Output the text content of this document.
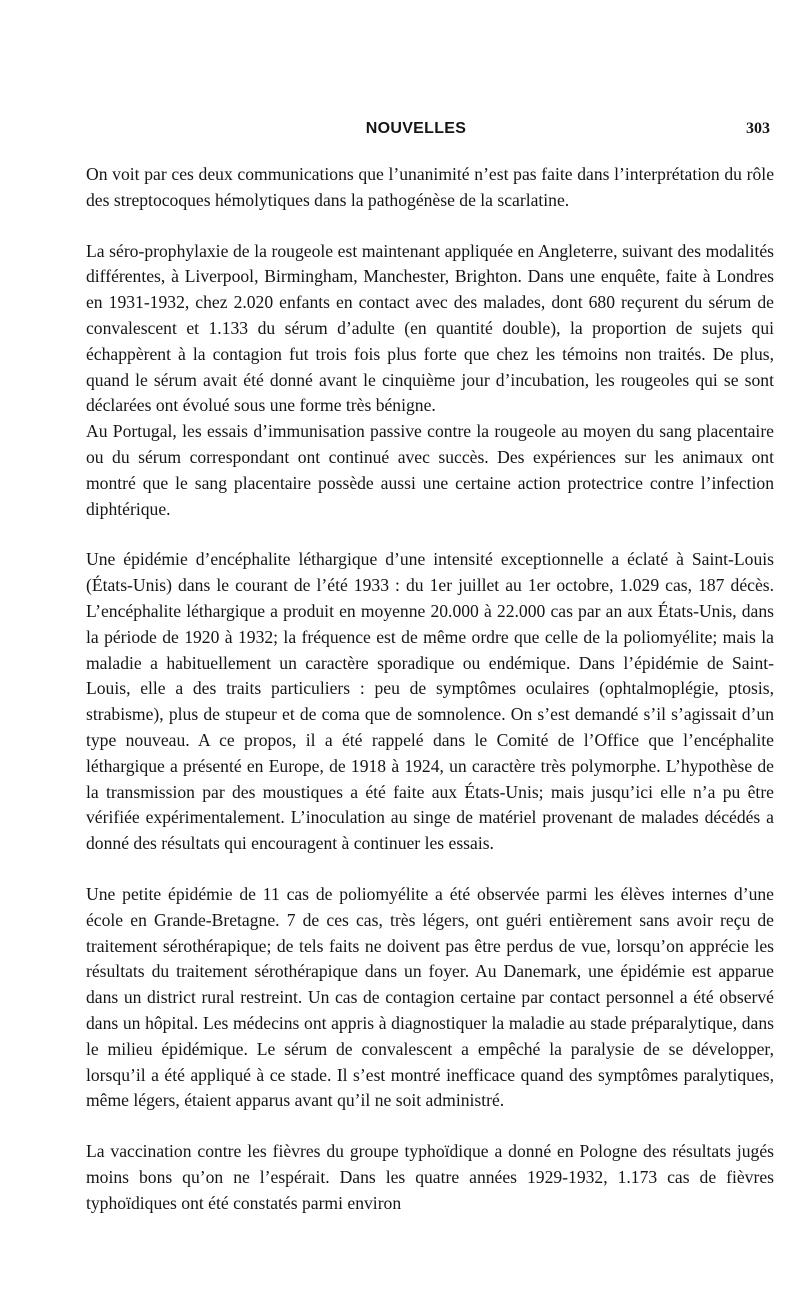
NOUVELLES	303

On voit par ces deux communications que l’unanimité n’est pas faite dans l’interprétation du rôle des streptocoques hémolytiques dans la pathogénèse de la scarlatine.

La séro-prophylaxie de la rougeole est maintenant appliquée en Angleterre, suivant des modalités différentes, à Liverpool, Birmingham, Manchester, Brighton. Dans une enquête, faite à Londres en 1931-1932, chez 2.020 enfants en contact avec des malades, dont 680 reçurent du sérum de convalescent et 1.133 du sérum d’adulte (en quantité double), la proportion de sujets qui échappèrent à la contagion fut trois fois plus forte que chez les témoins non traités. De plus, quand le sérum avait été donné avant le cinquième jour d’incubation, les rougeoles qui se sont déclarées ont évolué sous une forme très bénigne.

Au Portugal, les essais d’immunisation passive contre la rougeole au moyen du sang placentaire ou du sérum correspondant ont continué avec succès. Des expériences sur les animaux ont montré que le sang placentaire possède aussi une certaine action protectrice contre l’infection diphtérique.

Une épidémie d’encéphalite léthargique d’une intensité exceptionnelle a éclaté à Saint-Louis (États-Unis) dans le courant de l’été 1933 : du 1er juillet au 1er octobre, 1.029 cas, 187 décès. L’encéphalite léthargique a produit en moyenne 20.000 à 22.000 cas par an aux États-Unis, dans la période de 1920 à 1932; la fréquence est de même ordre que celle de la poliomyélite; mais la maladie a habituellement un caractère sporadique ou endémique. Dans l’épidémie de Saint-Louis, elle a des traits particuliers : peu de symptômes oculaires (ophtalmoplégie, ptosis, strabisme), plus de stupeur et de coma que de somnolence. On s’est demandé s’il s’agissait d’un type nouveau. A ce propos, il a été rappelé dans le Comité de l’Office que l’encéphalite léthargique a présenté en Europe, de 1918 à 1924, un caractère très polymorphe. L’hypothèse de la transmission par des moustiques a été faite aux États-Unis; mais jusqu’ici elle n’a pu être vérifiée expérimentalement. L’inoculation au singe de matériel provenant de malades décédés a donné des résultats qui encouragent à continuer les essais.

Une petite épidémie de 11 cas de poliomyélite a été observée parmi les élèves internes d’une école en Grande-Bretagne. 7 de ces cas, très légers, ont guéri entièrement sans avoir reçu de traitement sérothérapique; de tels faits ne doivent pas être perdus de vue, lorsqu’on apprécie les résultats du traitement sérothérapique dans un foyer. Au Danemark, une épidémie est apparue dans un district rural restreint. Un cas de contagion certaine par contact personnel a été observé dans un hôpital. Les médecins ont appris à diagnostiquer la maladie au stade préparalytique, dans le milieu épidémique. Le sérum de convalescent a empêché la paralysie de se développer, lorsqu’il a été appliqué à ce stade. Il s’est montré inefficace quand des symptômes paralytiques, même légers, étaient apparus avant qu’il ne soit administré.

La vaccination contre les fièvres du groupe typhoïdique a donné en Pologne des résultats jugés moins bons qu’on ne l’espérait. Dans les quatre années 1929-1932, 1.173 cas de fièvres typhoïdiques ont été constatés parmi environ
